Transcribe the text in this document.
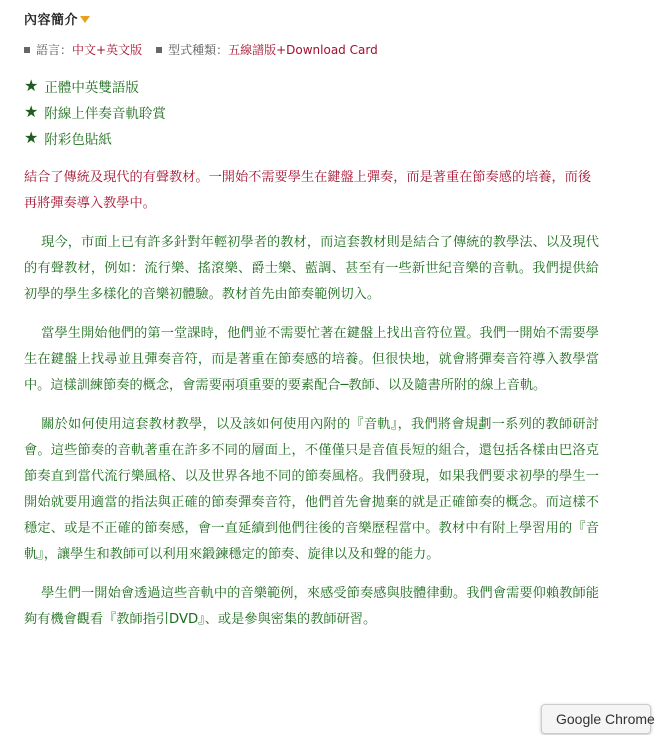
內容簡介
語言：中文+英文版 型式種類：五線譜版+Download Card
★ 正體中英雙語版
★ 附線上伴奏音軌聆賞
★ 附彩色貼紙

結合了傳統及現代的有聲教材。一開始不需要學生在鍵盤上彈奏，而是著重在節奏感的培養，而後再將彈奏導入教學中。

現今，市面上已有許多針對年輕初學者的教材，而這套教材則是結合了傳統的教學法、以及現代的有聲教材，例如：流行樂、搖滾樂、爵士樂、藍調、甚至有一些新世紀音樂的音軌。我們提供給初學的學生多樣化的音樂初體驗。教材首先由節奏範例切入。

當學生開始他們的第一堂課時，他們並不需要忙著在鍵盤上找出音符位置。我們一開始不需要學生在鍵盤上找尋並且彈奏音符，而是著重在節奏感的培養。但很快地，就會將彈奏音符導入教學當中。這樣訓練節奏的概念，會需要兩項重要的要素配合─教師、以及隨書所附的線上音軌。

關於如何使用這套教材教學，以及該如何使用內附的『音軌』，我們將會規劃一系列的教師研討會。這些節奏的音軌著重在許多不同的層面上，不僅僅只是音值長短的組合，還包括各樣由巴洛克節奏直到當代流行樂風格、以及世界各地不同的節奏風格。我們發現，如果我們要求初學的學生一開始就要用適當的指法與正確的節奏彈奏音符，他們首先會拋棄的就是正確節奏的概念。而這樣不穩定、或是不正確的節奏感，會一直延續到他們往後的音樂歷程當中。教材中有附上學習用的『音軌』，讓學生和教師可以利用來鍛鍊穩定的節奏、旋律以及和聲的能力。

學生們一開始會透過這些音軌中的音樂範例，來感受節奏感與肢體律動。我們會需要仰賴教師能夠有機會觀看『教師指引DVD』、或是參與密集的教師研習。

Google Chrome
